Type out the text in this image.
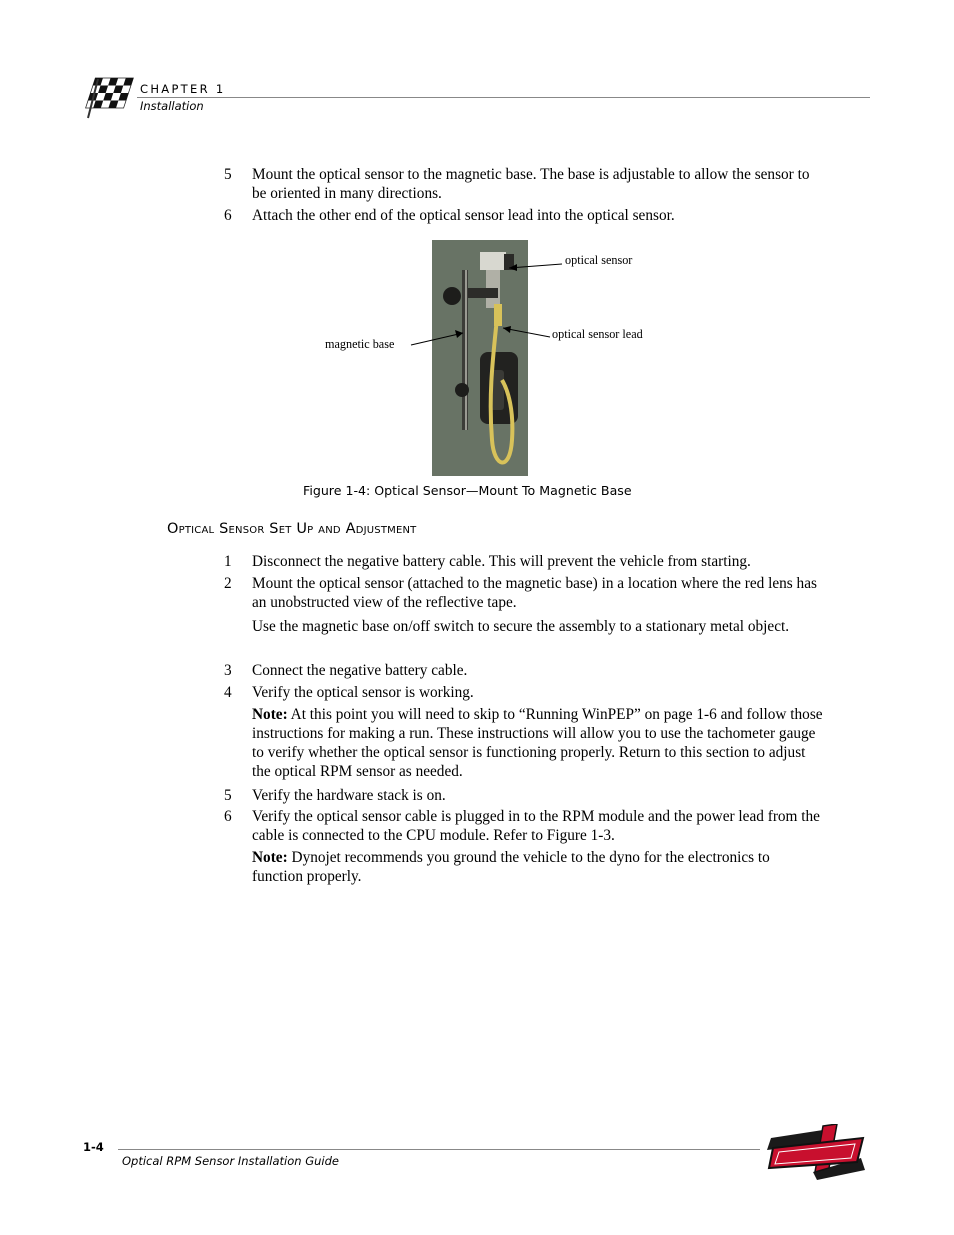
CHAPTER 1
Installation
5	Mount the optical sensor to the magnetic base. The base is adjustable to allow the sensor to be oriented in many directions.
6	Attach the other end of the optical sensor lead into the optical sensor.
optical sensor
optical sensor lead
magnetic base
Figure 1-4: Optical Sensor—Mount To Magnetic Base
Optical Sensor Set Up and Adjustment
1	Disconnect the negative battery cable. This will prevent the vehicle from starting.
2	Mount the optical sensor (attached to the magnetic base) in a location where the red lens has an unobstructed view of the reflective tape.
Use the magnetic base on/off switch to secure the assembly to a stationary metal object.
3	Connect the negative battery cable.
4	Verify the optical sensor is working.
Note: At this point you will need to skip to “Running WinPEP” on page 1-6 and follow those instructions for making a run. These instructions will allow you to use the tachometer gauge to verify whether the optical sensor is functioning properly. Return to this section to adjust the optical RPM sensor as needed.
5	Verify the hardware stack is on.
6	Verify the optical sensor cable is plugged in to the RPM module and the power lead from the cable is connected to the CPU module. Refer to Figure 1-3.
Note: Dynojet recommends you ground the vehicle to the dyno for the electronics to function properly.
1-4
Optical RPM Sensor Installation Guide
